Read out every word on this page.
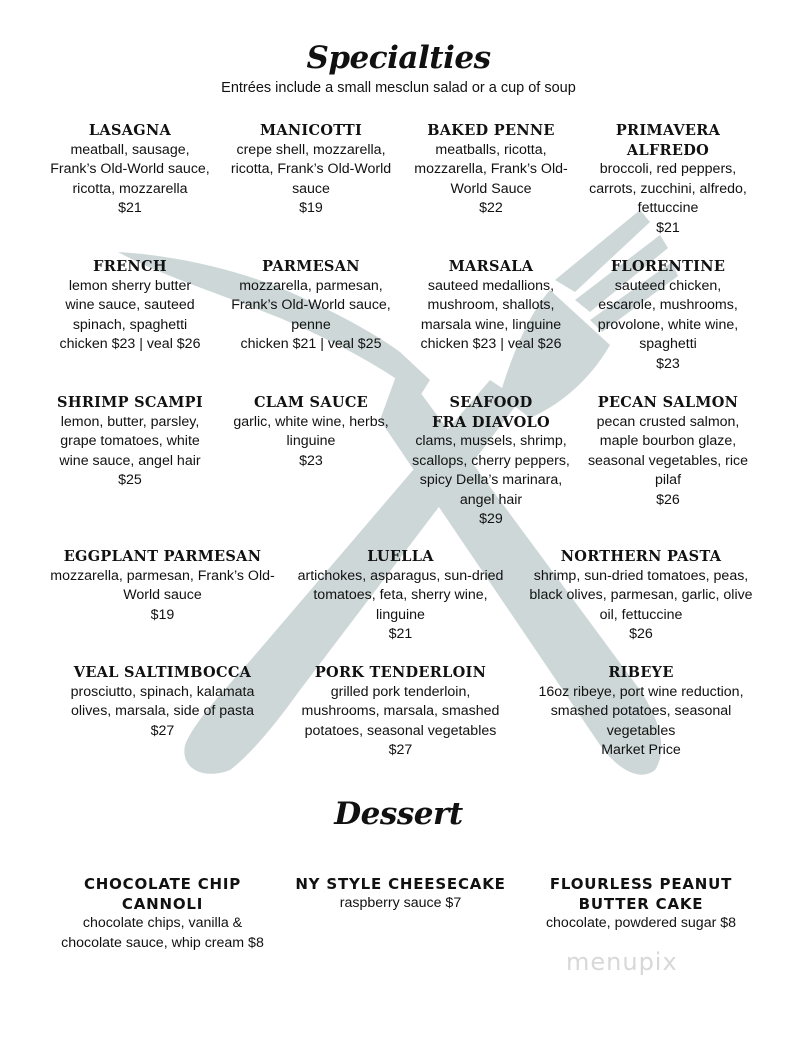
Specialties
Entrées include a small mesclun salad or a cup of soup
LASAGNA
meatball, sausage,
Frank’s Old-World sauce,
ricotta, mozzarella
$21
MANICOTTI
crepe shell, mozzarella,
ricotta, Frank’s Old-World
sauce
$19
BAKED PENNE
meatballs, ricotta,
mozzarella, Frank’s Old-
World Sauce
$22
PRIMAVERA
ALFREDO
broccoli, red peppers,
carrots, zucchini, alfredo,
fettuccine
$21
FRENCH
lemon sherry butter
wine sauce, sauteed
spinach, spaghetti
chicken $23 | veal $26
PARMESAN
mozzarella, parmesan,
Frank’s Old-World sauce,
penne
chicken $21 | veal $25
MARSALA
sauteed medallions,
mushroom, shallots,
marsala wine, linguine
chicken $23 | veal $26
FLORENTINE
sauteed chicken,
escarole, mushrooms,
provolone, white wine,
spaghetti
$23
SHRIMP SCAMPI
lemon, butter, parsley,
grape tomatoes, white
wine sauce, angel hair
$25
CLAM SAUCE
garlic, white wine, herbs,
linguine
$23
SEAFOOD
FRA DIAVOLO
clams, mussels, shrimp,
scallops, cherry peppers,
spicy Della’s marinara,
angel hair
$29
PECAN SALMON
pecan crusted salmon,
maple bourbon glaze,
seasonal vegetables, rice
pilaf
$26
EGGPLANT PARMESAN
mozzarella, parmesan, Frank’s Old-
World sauce
$19
LUELLA
artichokes, asparagus, sun-dried
tomatoes, feta, sherry wine,
linguine
$21
NORTHERN PASTA
shrimp, sun-dried tomatoes, peas,
black olives, parmesan, garlic, olive
oil, fettuccine
$26
VEAL SALTIMBOCCA
prosciutto, spinach, kalamata
olives, marsala, side of pasta
$27
PORK TENDERLOIN
grilled pork tenderloin,
mushrooms, marsala, smashed
potatoes, seasonal vegetables
$27
RIBEYE
16oz ribeye, port wine reduction,
smashed potatoes, seasonal
vegetables
Market Price
Dessert
CHOCOLATE CHIP
CANNOLI
chocolate chips, vanilla &
chocolate sauce, whip cream $8
NY STYLE CHEESECAKE
raspberry sauce $7
FLOURLESS PEANUT
BUTTER CAKE
chocolate, powdered sugar $8
menupix
